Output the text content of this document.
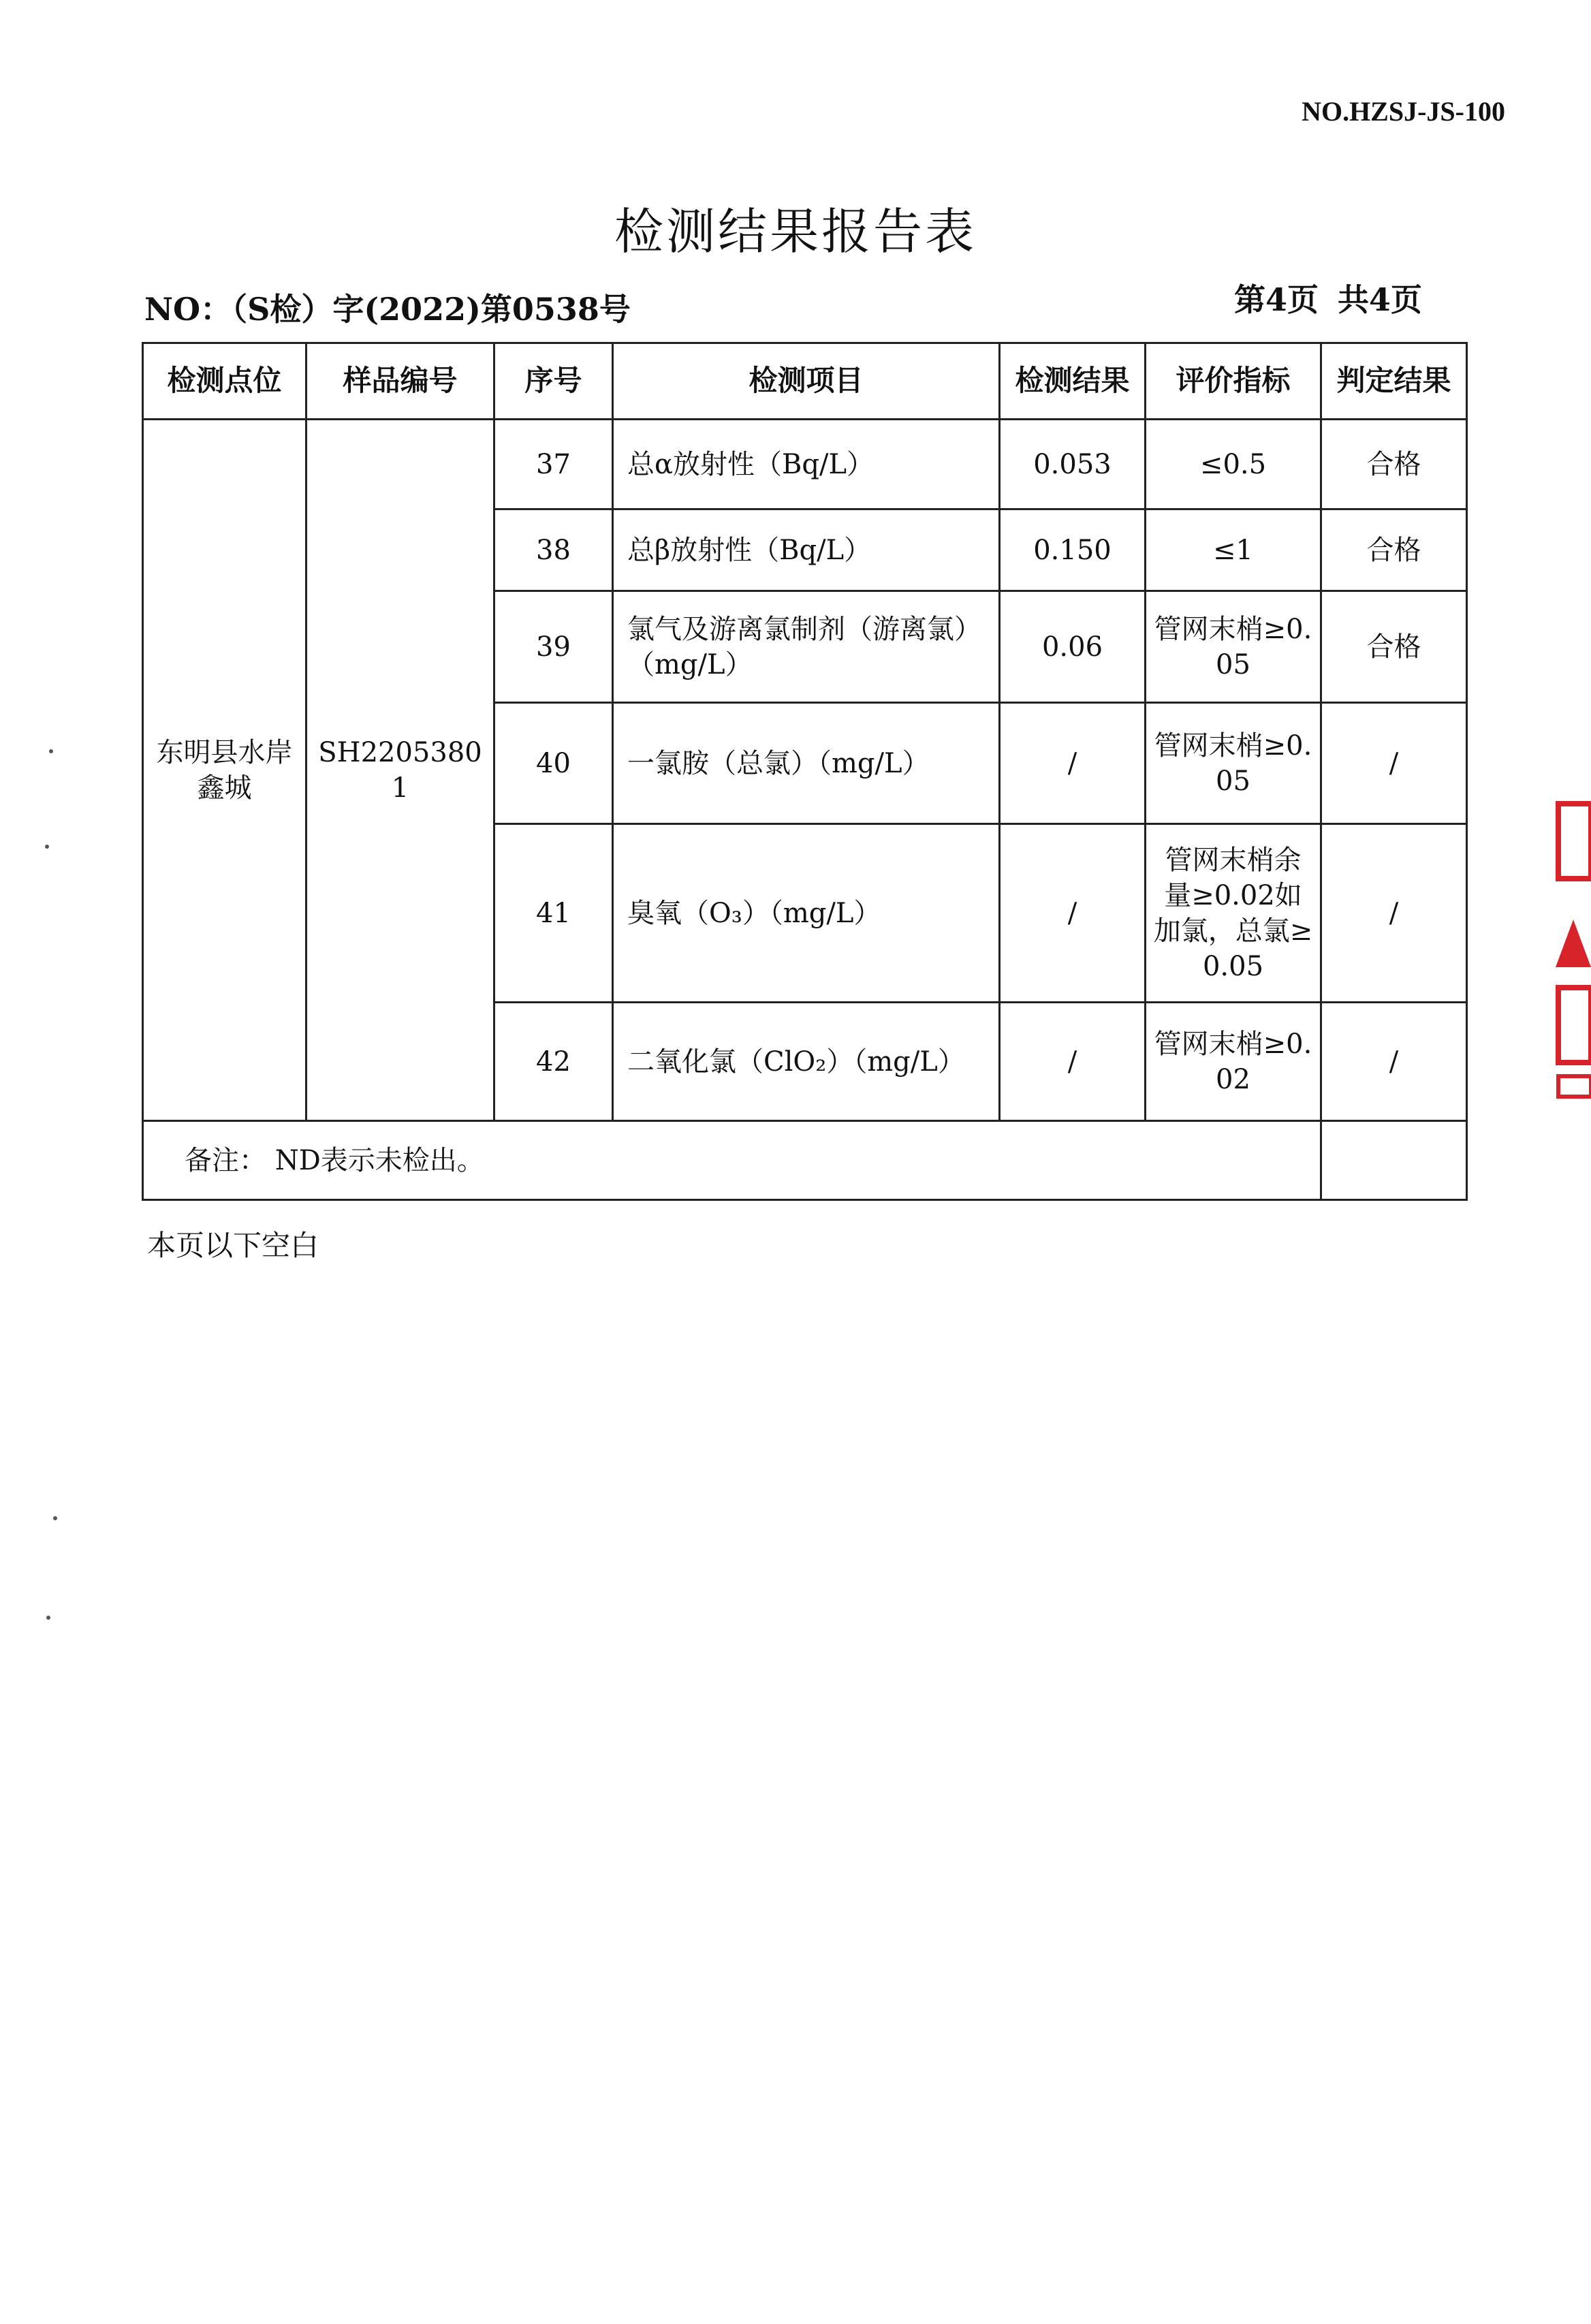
NO.HZSJ-JS-100
检测结果报告表
NO：（S检）字(2022)第0538号	第4页 共4页
检测点位	样品编号	序号	检测项目	检测结果	评价指标	判定结果
东明县水岸鑫城	SH22053801	37	总α放射性（Bq/L）	0.053	≤0.5	合格
		38	总β放射性（Bq/L）	0.150	≤1	合格
		39	氯气及游离氯制剂（游离氯）（mg/L）	0.06	管网末梢≥0.05	合格
		40	一氯胺（总氯）（mg/L）	/	管网末梢≥0.05	/
		41	臭氧（O₃）（mg/L）	/	管网末梢余量≥0.02如加氯，总氯≥0.05	/
		42	二氧化氯（ClO₂）（mg/L）	/	管网末梢≥0.02	/
备注： ND表示未检出。						
本页以下空白
